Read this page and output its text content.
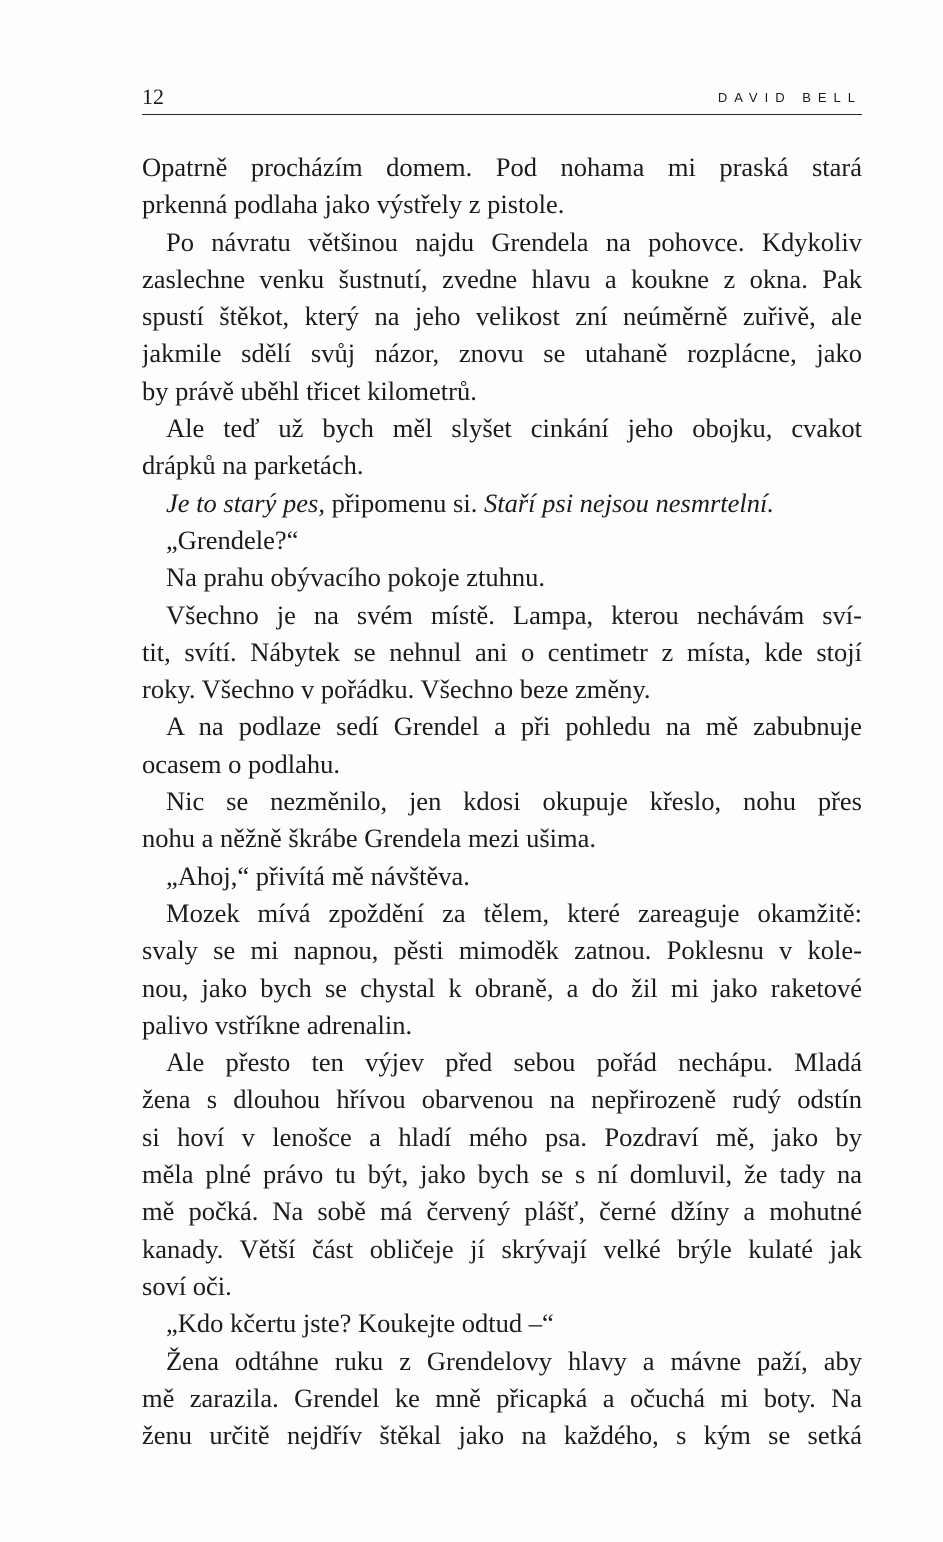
12	DAVID BELL
Opatrně procházím domem. Pod nohama mi praská stará
prkenná podlaha jako výstřely z pistole.
Po návratu většinou najdu Grendela na pohovce. Kdykoliv
zaslechne venku šustnutí, zvedne hlavu a koukne z okna. Pak
spustí štěkot, který na jeho velikost zní neúměrně zuřivě, ale
jakmile sdělí svůj názor, znovu se utahaně rozplácne, jako
by právě uběhl třicet kilometrů.
Ale teď už bych měl slyšet cinkání jeho obojku, cvakot
drápků na parketách.
Je to starý pes, připomenu si. Staří psi nejsou nesmrtelní.
„Grendele?“
Na prahu obývacího pokoje ztuhnu.
Všechno je na svém místě. Lampa, kterou nechávám sví-
tit, svítí. Nábytek se nehnul ani o centimetr z místa, kde stojí
roky. Všechno v pořádku. Všechno beze změny.
A na podlaze sedí Grendel a při pohledu na mě zabubnuje
ocasem o podlahu.
Nic se nezměnilo, jen kdosi okupuje křeslo, nohu přes
nohu a něžně škrábe Grendela mezi ušima.
„Ahoj,“ přivítá mě návštěva.
Mozek mívá zpoždění za tělem, které zareaguje okamžitě:
svaly se mi napnou, pěsti mimoděk zatnou. Poklesnu v kole-
nou, jako bych se chystal k obraně, a do žil mi jako raketové
palivo vstříkne adrenalin.
Ale přesto ten výjev před sebou pořád nechápu. Mladá
žena s dlouhou hřívou obarvenou na nepřirozeně rudý odstín
si hoví v lenošce a hladí mého psa. Pozdraví mě, jako by
měla plné právo tu být, jako bych se s ní domluvil, že tady na
mě počká. Na sobě má červený plášť, černé džíny a mohutné
kanady. Větší část obličeje jí skrývají velké brýle kulaté jak
soví oči.
„Kdo kčertu jste? Koukejte odtud –“
Žena odtáhne ruku z Grendelovy hlavy a mávne paží, aby
mě zarazila. Grendel ke mně přicapká a očuchá mi boty. Na
ženu určitě nejdřív štěkal jako na každého, s kým se setká
